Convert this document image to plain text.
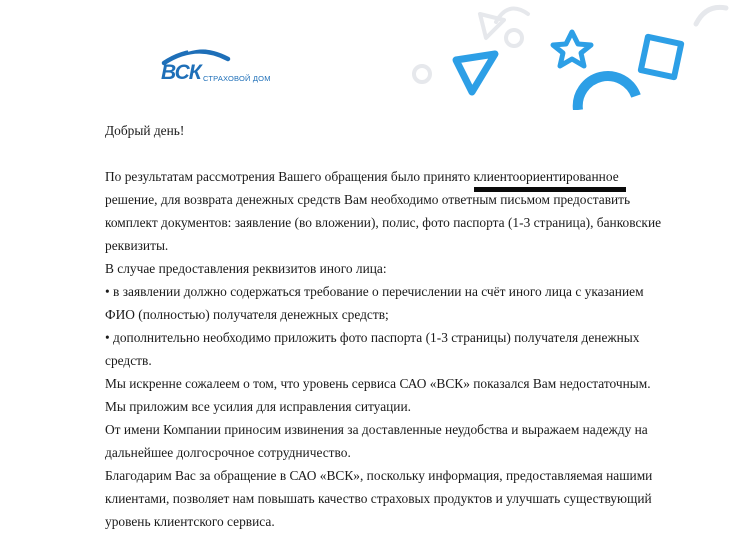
ВСК СТРАХОВОЙ ДОМ

Добрый день!

По результатам рассмотрения Вашего обращения было принято клиентоориентированное

решение, для возврата денежных средств Вам необходимо ответным письмом предоставить

комплект документов: заявление (во вложении), полис, фото паспорта (1-3 страница), банковские

реквизиты.

В случае предоставления реквизитов иного лица:

• в заявлении должно содержаться требование о перечислении на счёт иного лица с указанием

ФИО (полностью) получателя денежных средств;

• дополнительно необходимо приложить фото паспорта (1-3 страницы) получателя денежных

средств.

Мы искренне сожалеем о том, что уровень сервиса САО «ВСК» показался Вам недостаточным.

Мы приложим все усилия для исправления ситуации.

От имени Компании приносим извинения за доставленные неудобства и выражаем надежду на

дальнейшее долгосрочное сотрудничество.

Благодарим Вас за обращение в САО «ВСК», поскольку информация, предоставляемая нашими

клиентами, позволяет нам повышать качество страховых продуктов и улучшать существующий

уровень клиентского сервиса.
